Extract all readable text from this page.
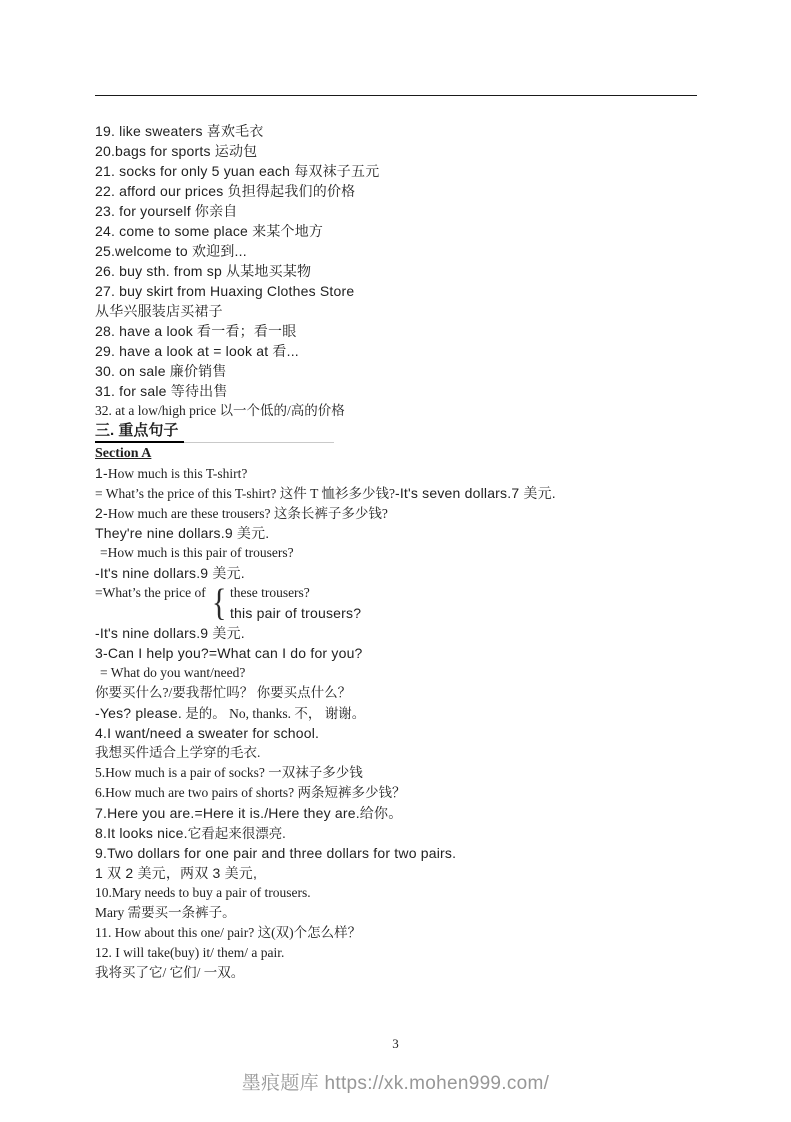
19. like sweaters 喜欢毛衣
20.bags for sports 运动包
21. socks for only 5 yuan each 每双袜子五元
22. afford our prices 负担得起我们的价格
23. for yourself 你亲自
24. come to some place 来某个地方
25.welcome to 欢迎到...
26. buy sth. from sp 从某地买某物
27. buy skirt from Huaxing Clothes Store
从华兴服装店买裙子
28. have a look 看一看；看一眼
29. have a look at = look at 看...
30. on sale 廉价销售
31. for sale 等待出售
32. at a low/high price 以一个低的/高的价格
三. 重点句子
Section A
1-How much is this T-shirt?
= What’s the price of this T-shirt? 这件 T 恤衫多少钱?-It's seven dollars.7 美元.
2-How much are these trousers? 这条长裤子多少钱?
They're nine dollars.9 美元.
=How much is this pair of trousers?
-It's nine dollars.9 美元.
=What’s the price of { these trousers?
this pair of trousers?
-It's nine dollars.9 美元.
3-Can I help you?=What can I do for you?
= What do you want/need?
你要买什么?/要我帮忙吗？ 你要买点什么？
-Yes? please. 是的。 No, thanks. 不， 谢谢。
4.I want/need a sweater for school.
我想买件适合上学穿的毛衣.
5.How much is a pair of socks? 一双袜子多少钱
6.How much are two pairs of shorts? 两条短裤多少钱？
7.Here you are.=Here it is./Here they are.给你。
8.It looks nice.它看起来很漂亮.
9.Two dollars for one pair and three dollars for two pairs.
1 双 2 美元，两双 3 美元,
10.Mary needs to buy a pair of trousers.
Mary 需要买一条裤子。
11. How about this one/ pair? 这(双)个怎么样？
12. I will take(buy) it/ them/ a pair.
我将买了它/ 它们/ 一双。
3
墨痕题库 https://xk.mohen999.com/
